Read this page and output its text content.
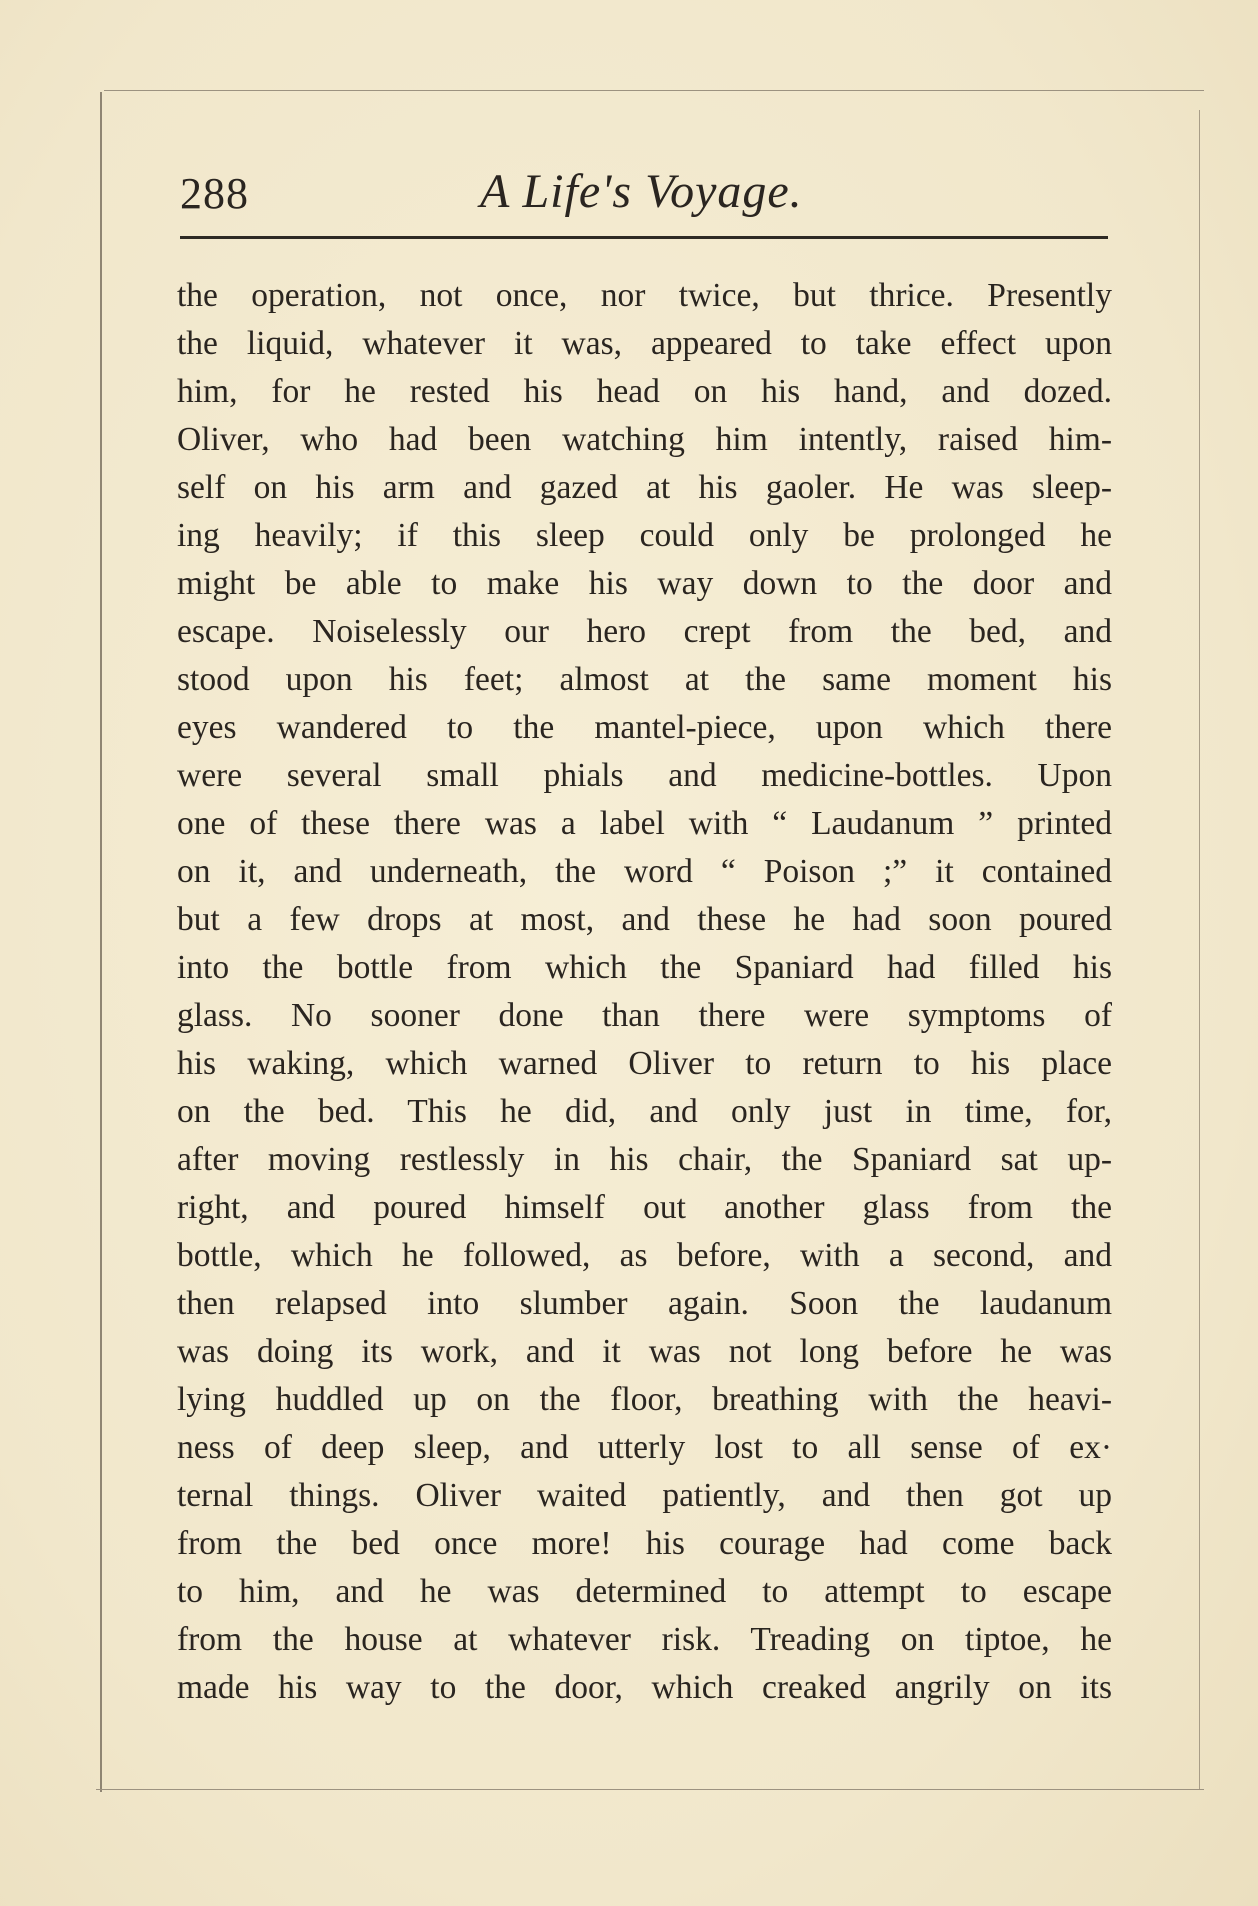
288	A Life's Voyage.
the operation, not once, nor twice, but thrice. Presently
the liquid, whatever it was, appeared to take effect upon
him, for he rested his head on his hand, and dozed.
Oliver, who had been watching him intently, raised him-
self on his arm and gazed at his gaoler. He was sleep-
ing heavily; if this sleep could only be prolonged he
might be able to make his way down to the door and
escape. Noiselessly our hero crept from the bed, and
stood upon his feet; almost at the same moment his
eyes wandered to the mantel-piece, upon which there
were several small phials and medicine-bottles. Upon
one of these there was a label with “ Laudanum ” printed
on it, and underneath, the word “ Poison ;” it contained
but a few drops at most, and these he had soon poured
into the bottle from which the Spaniard had filled his
glass. No sooner done than there were symptoms of
his waking, which warned Oliver to return to his place
on the bed. This he did, and only just in time, for,
after moving restlessly in his chair, the Spaniard sat up-
right, and poured himself out another glass from the
bottle, which he followed, as before, with a second, and
then relapsed into slumber again. Soon the laudanum
was doing its work, and it was not long before he was
lying huddled up on the floor, breathing with the heavi-
ness of deep sleep, and utterly lost to all sense of ex·
ternal things. Oliver waited patiently, and then got up
from the bed once more! his courage had come back
to him, and he was determined to attempt to escape
from the house at whatever risk. Treading on tiptoe, he
made his way to the door, which creaked angrily on its
